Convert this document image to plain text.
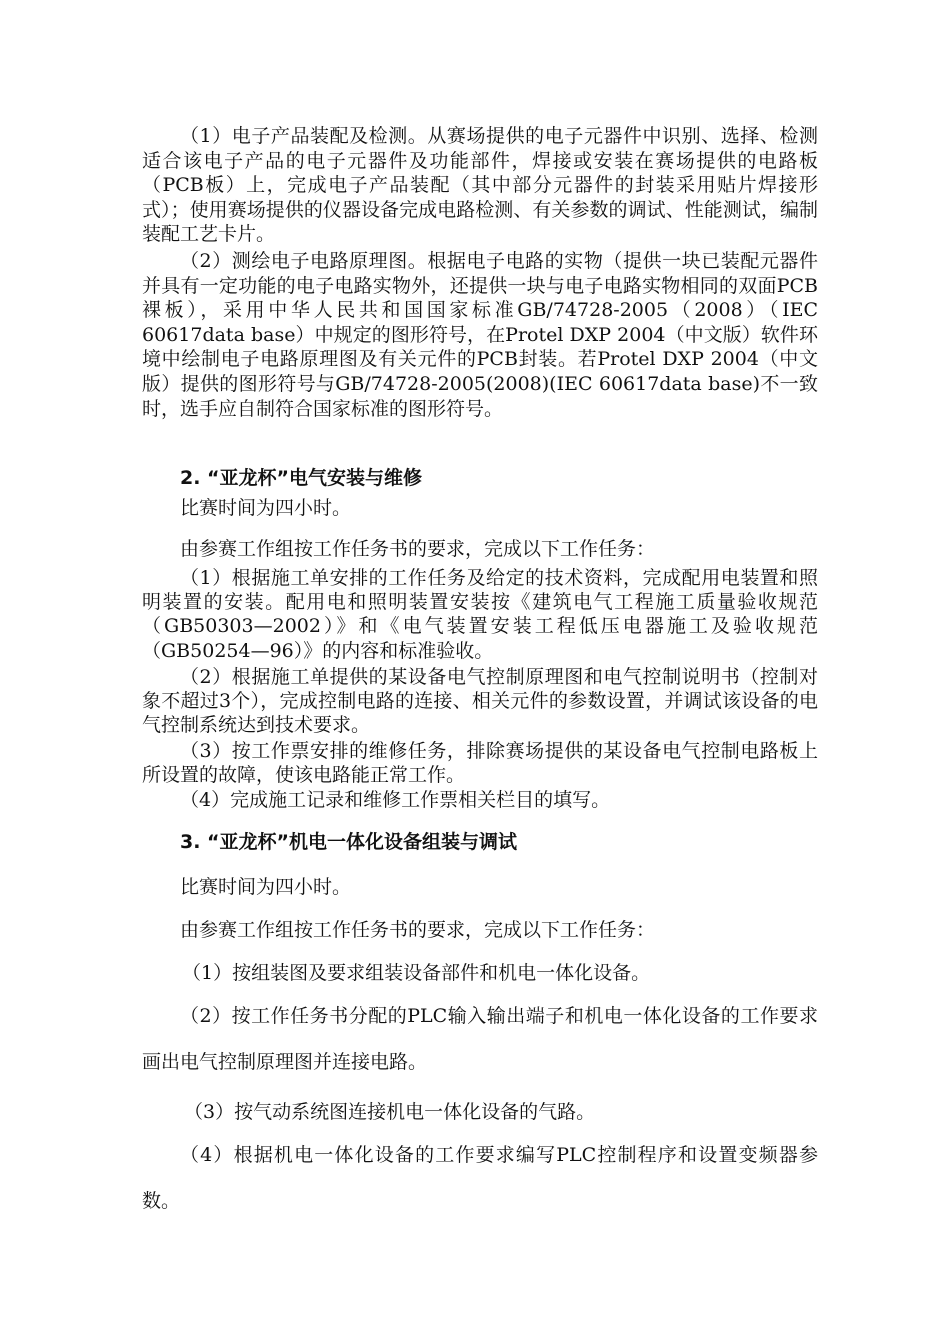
（1）电子产品装配及检测。从赛场提供的电子元器件中识别、选择、检测适合该电子产品的电子元器件及功能部件，焊接或安装在赛场提供的电路板（PCB板）上，完成电子产品装配（其中部分元器件的封装采用贴片焊接形式）；使用赛场提供的仪器设备完成电路检测、有关参数的调试、性能测试，编制装配工艺卡片。

（2）测绘电子电路原理图。根据电子电路的实物（提供一块已装配元器件并具有一定功能的电子电路实物外，还提供一块与电子电路实物相同的双面PCB裸板），采用中华人民共和国国家标准GB/74728-2005（2008）（IEC 60617data base）中规定的图形符号，在Protel DXP 2004（中文版）软件环境中绘制电子电路原理图及有关元件的PCB封装。若Protel DXP 2004（中文版）提供的图形符号与GB/74728-2005(2008)(IEC 60617data base)不一致时，选手应自制符合国家标准的图形符号。

2. “亚龙杯”电气安装与维修

比赛时间为四小时。

由参赛工作组按工作任务书的要求，完成以下工作任务：

（1）根据施工单安排的工作任务及给定的技术资料，完成配用电装置和照明装置的安装。配用电和照明装置安装按《建筑电气工程施工质量验收规范（GB50303—2002）》和《电气装置安装工程低压电器施工及验收规范（GB50254—96）》的内容和标准验收。

（2）根据施工单提供的某设备电气控制原理图和电气控制说明书（控制对象不超过3个），完成控制电路的连接、相关元件的参数设置，并调试该设备的电气控制系统达到技术要求。

（3）按工作票安排的维修任务，排除赛场提供的某设备电气控制电路板上所设置的故障，使该电路能正常工作。

（4）完成施工记录和维修工作票相关栏目的填写。

3. “亚龙杯”机电一体化设备组装与调试

比赛时间为四小时。

由参赛工作组按工作任务书的要求，完成以下工作任务：

（1）按组装图及要求组装设备部件和机电一体化设备。

（2）按工作任务书分配的PLC输入输出端子和机电一体化设备的工作要求画出电气控制原理图并连接电路。

（3）按气动系统图连接机电一体化设备的气路。

（4）根据机电一体化设备的工作要求编写PLC控制程序和设置变频器参数。
